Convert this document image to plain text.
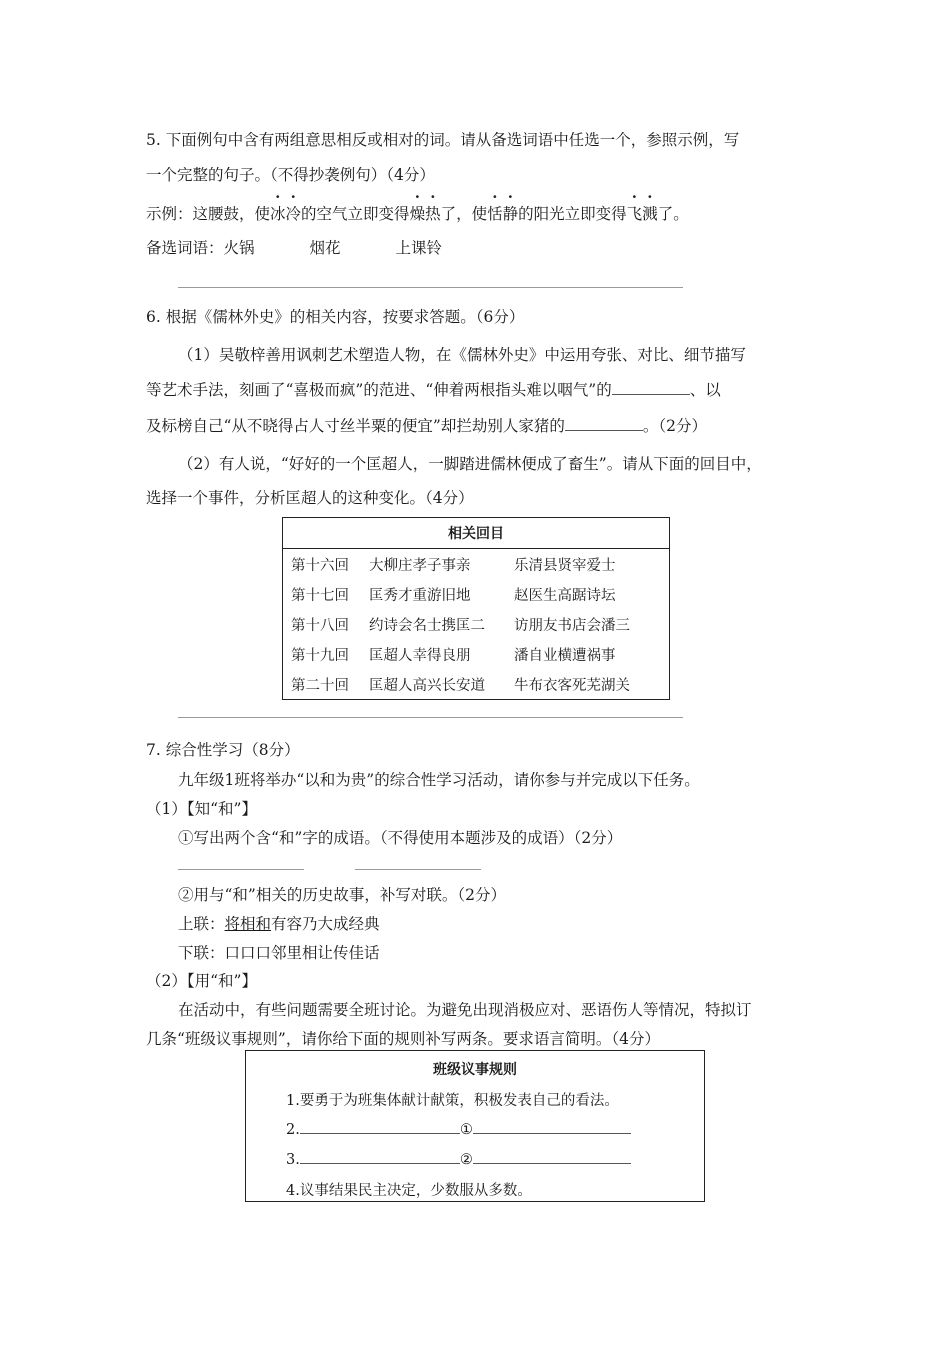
5. 下面例句中含有两组意思相反或相对的词。请从备选词语中任选一个，参照示例，写
一个完整的句子。（不得抄袭例句）（4分）
示例：这腰鼓，使冰冷的空气立即变得燥热了，使恬静的阳光立即变得飞溅了。
备选词语：火锅	烟花	上课铃
6. 根据《儒林外史》的相关内容，按要求答题。（6分）
（1）吴敬梓善用讽刺艺术塑造人物，在《儒林外史》中运用夸张、对比、细节描写
等艺术手法，刻画了“喜极而疯”的范进、“伸着两根指头难以咽气”的	、以
及标榜自己“从不晓得占人寸丝半粟的便宜”却拦劫别人家猪的	。（2分）
（2）有人说，“好好的一个匡超人，一脚踏进儒林便成了畜生”。请从下面的回目中，
选择一个事件，分析匡超人的这种变化。（4分）
相关回目		
第十六回	大柳庄孝子事亲	乐清县贤宰爱士
第十七回	匡秀才重游旧地	赵医生高踞诗坛
第十八回	约诗会名士携匡二	访朋友书店会潘三
第十九回	匡超人幸得良朋	潘自业横遭祸事
第二十回	匡超人高兴长安道	牛布衣客死芜湖关
7. 综合性学习（8分）
九年级1班将举办“以和为贵”的综合性学习活动，请你参与并完成以下任务。
（1）【知“和”】
①写出两个含“和”字的成语。（不得使用本题涉及的成语）（2分）
②用与“和”相关的历史故事，补写对联。（2分）
上联：将相和有容乃大成经典
下联：口口口邻里相让传佳话
（2）【用“和”】
在活动中，有些问题需要全班讨论。为避免出现消极应对、恶语伤人等情况，特拟订
几条“班级议事规则”，请你给下面的规则补写两条。要求语言简明。（4分）
班级议事规则
1.要勇于为班集体献计献策，积极发表自己的看法。
2.	①
3.	②
4.议事结果民主决定，少数服从多数。
